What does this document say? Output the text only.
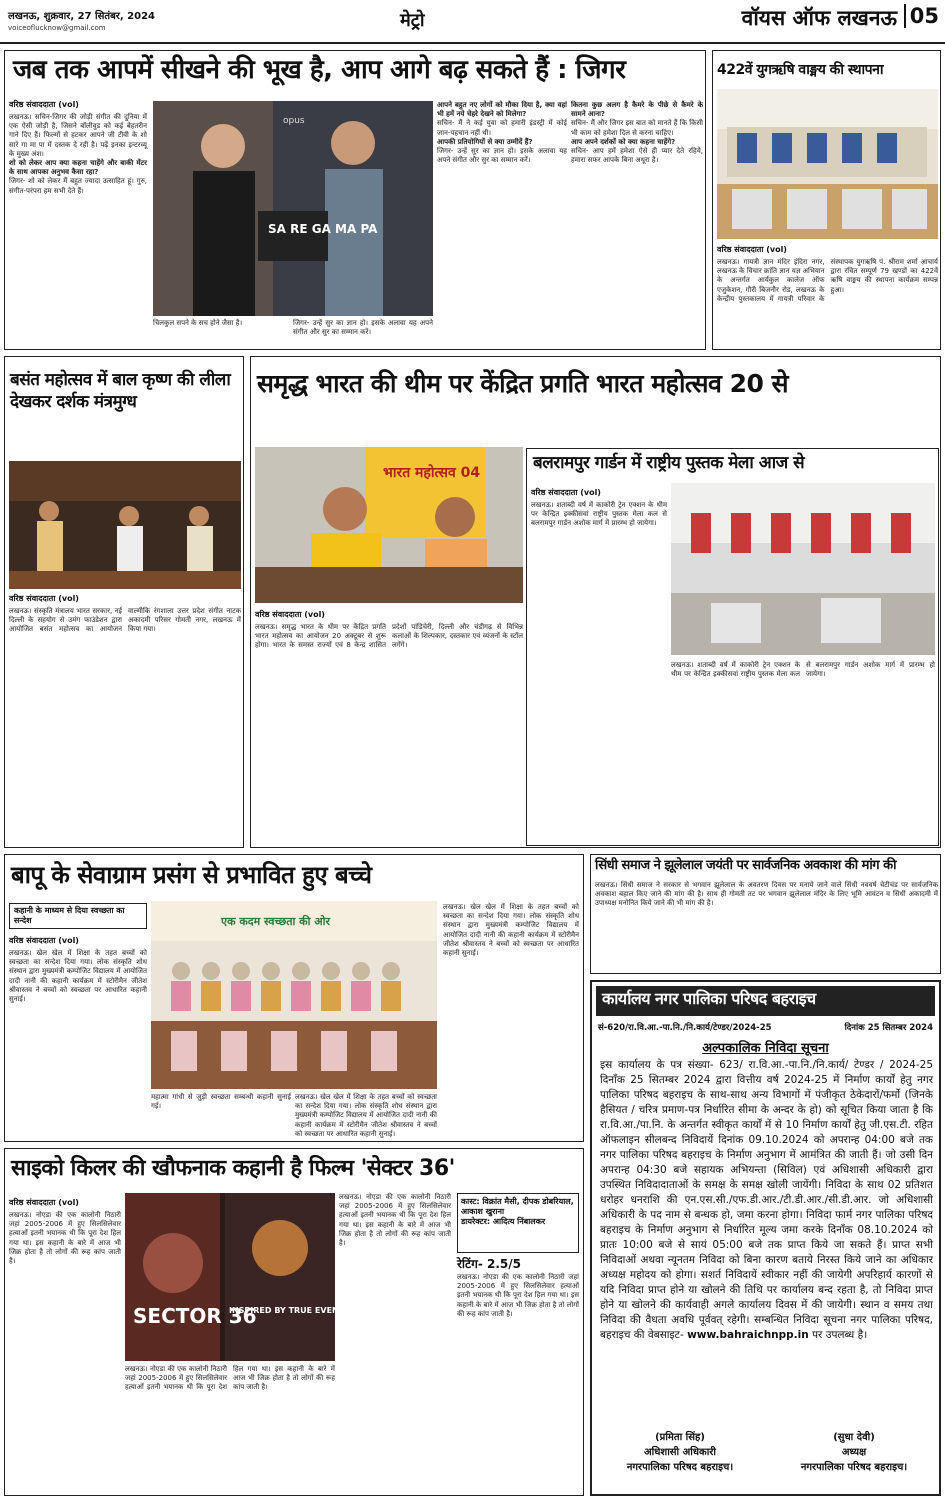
लखनऊ, शुक्रवार, 27 सितंबर, 2024
voiceoflucknow@gmail.com	मेट्रो	वॉयस ऑफ लखनऊ 05
जब तक आपमें सीखने की भूख है, आप आगे बढ़ सकते हैं : जिगर
वरिष्ठ संवाददाता (vol)
लखनऊ। सचिन-जिगर की जोड़ी संगीत की दुनिया में एक ऐसी जोड़ी है, जिसने बॉलीवुड को कई बेहतरीन गाने दिए हैं। फिल्मों से हटकर आपने जी टीवी के शो सारे गा मा पा में दस्तक दे रही है। पढ़ें इनका इन्टरव्यू के मुख्य अंश।
शो को लेकर आप क्या कहना चाहेंगे और बाकी मेंटर के साथ आपका अनुभव कैसा रहा?
जिगर- शो को लेकर मैं बहुत ज्यादा उत्साहित हूं। गुरु, संगीत-परंपरा हम सभी देते हैं।
SA RE GA MA PA
opus
चिलकुल सपने के सच होने जैसा है।	जिगर- उन्हें सुर का ज्ञान हो। इसके अलावा यह अपने संगीत और सुर का सम्मान करें।
आपने बहुत नए लोगों को मौका दिया है, क्या वहां भी हमें नये चेहरे देखने को मिलेगा?
सचिन- मैं ने कई युवा को हमारी इंडस्ट्री में कोई जान-पहचान नहीं थी।
आपकी प्रतियोगियों से क्या उम्मीदें हैं?
जिगर- उन्हें सुर का ज्ञान हो। इसके अलावा यह अपने संगीत और सुर का सम्मान करें।
कितना कुछ अलग है कैमरे के पीछे से कैमरे के सामने आना?
सचिन- मैं और जिगर इस बात को मानते हैं कि किसी भी काम को हमेशा दिल से करना चाहिए।
आप अपने दर्शकों को क्या कहना चाहेंगे?
सचिन- आप हमें हमेशा ऐसे ही प्यार देते रहिये, हमारा सफर आपके बिना अधूरा है।
422वें युगऋषि वाङ्मय की स्थापना
वरिष्ठ संवाददाता (vol)
लखनऊ। गायत्री ज्ञान मंदिर इंदिरा नगर, लखनऊ के विचार क्रांति ज्ञान यज्ञ अभियान के अन्तर्गत आर्यकुल कालेज ऑफ एजुकेशन, गौरी बिजनौर रोड, लखनऊ के केन्द्रीय पुस्तकालय में गायत्री परिवार के संस्थापक युगऋषि पं. श्रीराम शर्मा आचार्य द्वारा रचित सम्पूर्ण 79 खण्डों का 422वें ऋषि वाङ्मय की स्थापना कार्यक्रम सम्पन्न हुआ।
बसंत महोत्सव में बाल कृष्ण की लीला देखकर दर्शक मंत्रमुग्ध
वरिष्ठ संवाददाता (vol)
लखनऊ। संस्कृति मंत्रालय भारत सरकार, नई दिल्ली के सहयोग से उमंग फाउंडेशन द्वारा आयोजित बसंत महोत्सव का आयोजन वाल्मीकि रंगशाला उत्तर प्रदेश संगीत नाटक अकादमी परिसर गोमती नगर, लखनऊ में किया गया।
समृद्ध भारत की थीम पर केंद्रित प्रगति भारत महोत्सव 20 से
भारत महोत्सव 04
वरिष्ठ संवाददाता (vol)
लखनऊ। समृद्ध भारत के थीम पर केंद्रित प्रगति भारत महोत्सव का आयोजन 20 अक्टूबर से शुरू होगा। भारत के समस्त राज्यों एवं 8 केन्द्र शासित प्रदेशों पांडिचेरी, दिल्ली और चंडीगढ़ से विभिन्न कलाओं के शिल्पकार, दस्तकार एवं व्यंजनों के स्टॉल लगेंगे।
बलरामपुर गार्डन में राष्ट्रीय पुस्तक मेला आज से
वरिष्ठ संवाददाता (vol)
लखनऊ। शताब्दी वर्ष में काकोरी ट्रेन एक्शन के थीम पर केन्द्रित इक्कीसवां राष्ट्रीय पुस्तक मेला कल से बलरामपुर गार्डन अशोक मार्ग में प्रारम्भ हो जायेगा।
लखनऊ। शताब्दी वर्ष में काकोरी ट्रेन एक्शन के थीम पर केन्द्रित इक्कीसवां राष्ट्रीय पुस्तक मेला कल से बलरामपुर गार्डन अशोक मार्ग में प्रारम्भ हो जायेगा।
बापू के सेवाग्राम प्रसंग से प्रभावित हुए बच्चे
कहानी के माध्यम से दिया स्वच्छता का सन्देश
वरिष्ठ संवाददाता (vol)
लखनऊ। खेल खेल में शिक्षा के तहत बच्चों को स्वच्छता का सन्देश दिया गया। लोक संस्कृति शोध संस्थान द्वारा मुख्यमंत्री कम्पोजिट विद्यालय में आयोजित दादी नानी की कहानी कार्यक्रम में स्टोरीमैन जीतेश श्रीवास्तव ने बच्चों को स्वच्छता पर आधारित कहानी सुनाई।
एक कदम स्वच्छता की ओर
महात्मा गांधी से जुड़ी स्वच्छता सम्बन्धी कहानी सुनाई गई।
लखनऊ। खेल खेल में शिक्षा के तहत बच्चों को स्वच्छता का सन्देश दिया गया। लोक संस्कृति शोध संस्थान द्वारा मुख्यमंत्री कम्पोजिट विद्यालय में आयोजित दादी नानी की कहानी कार्यक्रम में स्टोरीमैन जीतेश श्रीवास्तव ने बच्चों को स्वच्छता पर आधारित कहानी सुनाई।
लखनऊ। खेल खेल में शिक्षा के तहत बच्चों को स्वच्छता का सन्देश दिया गया। लोक संस्कृति शोध संस्थान द्वारा मुख्यमंत्री कम्पोजिट विद्यालय में आयोजित दादी नानी की कहानी कार्यक्रम में स्टोरीमैन जीतेश श्रीवास्तव ने बच्चों को स्वच्छता पर आधारित कहानी सुनाई।
सिंधी समाज ने झूलेलाल जयंती पर सार्वजनिक अवकाश की मांग की
लखनऊ। सिंधी समाज ने सरकार से भगवान झूलेलाल के अवतरण दिवस पर मनाये जाने वाले सिंधी नववर्ष चेटीचंड पर सार्वजनिक अवकाश बहाल किए जाने की मांग की है। साथ ही गोमती तट पर भगवान झूलेलाल मंदिर के लिए भूमि आवंटन व सिंधी अकादमी में उपाध्यक्ष मनोनित किये जाने की भी मांग की है।
कार्यालय नगर पालिका परिषद बहराइच
सं-620/रा.वि.आ.-पा.नि./नि.कार्य/टेण्डर/2024-25	दिनांक 25 सितम्बर 2024
अल्पकालिक निविदा सूचना
इस कार्यालय के पत्र संख्या- 623/ रा.वि.आ.-पा.नि./नि.कार्य/ टेण्डर / 2024-25 दिनाँक 25 सितम्बर 2024 द्वारा वित्तीय वर्ष 2024-25 में निर्माण कार्यों हेतु नगर पालिका परिषद बहराइच के साथ-साथ अन्य विभागों में पंजीकृत ठेकेदारों/फर्मो (जिनके हैसियत / चरित्र प्रमाण-पत्र निर्धारित सीमा के अन्दर के हो) को सूचित किया जाता है कि रा.वि.आ./पा.नि. के अन्तर्गत स्वीकृत कार्यों में से 10 निर्माण कार्यों हेतु जी.एस.टी. रहित ऑफलाइन सीलबन्द निविदायें दिनांक 09.10.2024 को अपरान्ह 04:00 बजे तक नगर पालिका परिषद बहराइच के निर्माण अनुभाग में आमंत्रित की जाती हैं। जो उसी दिन अपरान्ह 04:30 बजे सहायक अभियन्ता (सिविल) एवं अधिशासी अधिकारी द्वारा उपस्थित निविदादाताओं के समक्ष के समक्ष खोली जायेंगी। निविदा के साथ 02 प्रतिशत धरोहर धनराशि की एन.एस.सी./एफ.डी.आर./टी.डी.आर./सी.डी.आर. जो अधिशासी अधिकारी के पद नाम से बन्धक हो, जमा करना होगा। निविदा फार्म नगर पालिका परिषद बहराइच के निर्माण अनुभाग से निर्धारित मूल्य जमा करके दिनाँक 08.10.2024 को प्रातः 10:00 बजे से सायं 05:00 बजे तक प्राप्त किये जा सकते हैं। प्राप्त सभी निविदाओं अथवा न्यूनतम निविदा को बिना कारण बताये निरस्त किये जाने का अधिकार अध्यक्ष महोदय को होगा। सशर्त निविदायें स्वीकार नहीं की जायेगी अपरिहार्य कारणों से यदि निविदा प्राप्त होने या खोलने की तिथि पर कार्यालय बन्द रहता है, तो निविदा प्राप्त होने या खोलने की कार्यवाही अगले कार्यालय दिवस में की जायेगी। स्थान व समय तथा निविदा की वैधता अवधि पूर्ववत् रहेगी। सम्बन्धित निविदा सूचना नगर पालिका परिषद, बहराइच की वेबसाइट- www.bahraichnpp.in पर उपलब्ध है।
(प्रमिता सिंह)
अधिशासी अधिकारी
नगरपालिका परिषद बहराइच।
(सुधा देवी)
अध्यक्ष
नगरपालिका परिषद बहराइच।
साइको किलर की खौफनाक कहानी है फिल्म 'सेक्टर 36'
वरिष्ठ संवाददाता (vol)
लखनऊ। नोएडा की एक कालोनी निठारी जहां 2005-2006 में हुए सिलसिलेवार हत्याओं इतनी भयानक थी कि पूरा देश हिल गया था। इस कहानी के बारे में आज भी जिक्र होता है तो लोगों की रूह कांप जाती है।
SECTOR 36
INSPIRED BY TRUE EVENTS
लखनऊ। नोएडा की एक कालोनी निठारी जहां 2005-2006 में हुए सिलसिलेवार हत्याओं इतनी भयानक थी कि पूरा देश हिल गया था। इस कहानी के बारे में आज भी जिक्र होता है तो लोगों की रूह कांप जाती है।
लखनऊ। नोएडा की एक कालोनी निठारी जहां 2005-2006 में हुए सिलसिलेवार हत्याओं इतनी भयानक थी कि पूरा देश हिल गया था। इस कहानी के बारे में आज भी जिक्र होता है तो लोगों की रूह कांप जाती है।
कास्ट: विक्रांत मैसी, दीपक डोबरियाल, आकाश खुराना
डायरेक्टर: आदित्य निंबालकर
रेटिंग- 2.5/5
लखनऊ। नोएडा की एक कालोनी निठारी जहां 2005-2006 में हुए सिलसिलेवार हत्याओं इतनी भयानक थी कि पूरा देश हिल गया था। इस कहानी के बारे में आज भी जिक्र होता है तो लोगों की रूह कांप जाती है।
